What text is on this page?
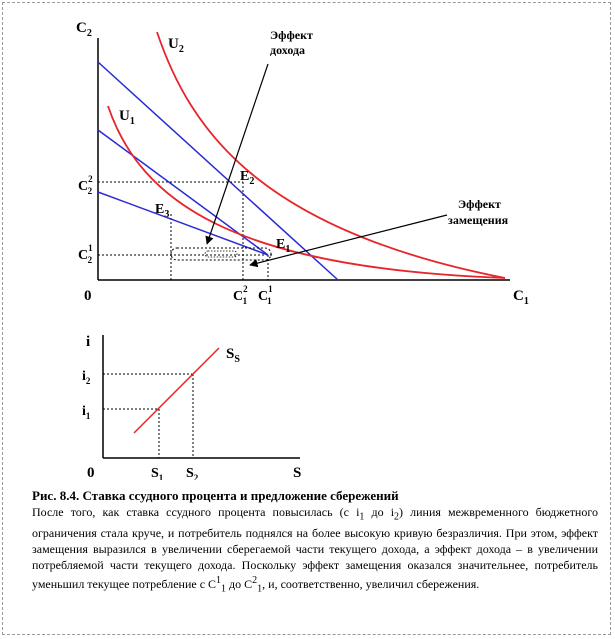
$C_2$
$C_1$
0
$U_2$
$U_1$
$E_2$
$E_3$
$E_1$
$C^2$ 2
$C^1$ 2
$C^2$ 1 $C^1$ 1
Эффект
дохода
Эффект
замещения
i
S
0
$S_S$
$i_2$
$i_1$
$S_1$ $S_2$
Рис. 8.4. Ставка ссудного процента и предложение сбережений
После того, как ставка ссудного процента повысилась (с $i_1$ до $i_2$) линия межвременного бюджетного ограничения стала круче, и потребитель поднялся на более высокую кривую безразличия. При этом, эффект замещения выразился в увеличении сберегаемой части текущего дохода, а эффект дохода – в увеличении потребляемой части текущего дохода. Поскольку эффект замещения оказался значительнее, потребитель уменьшил текущее потребление с $C^1_1$ до $C^2_1$, и, соответственно, увеличил сбережения.
